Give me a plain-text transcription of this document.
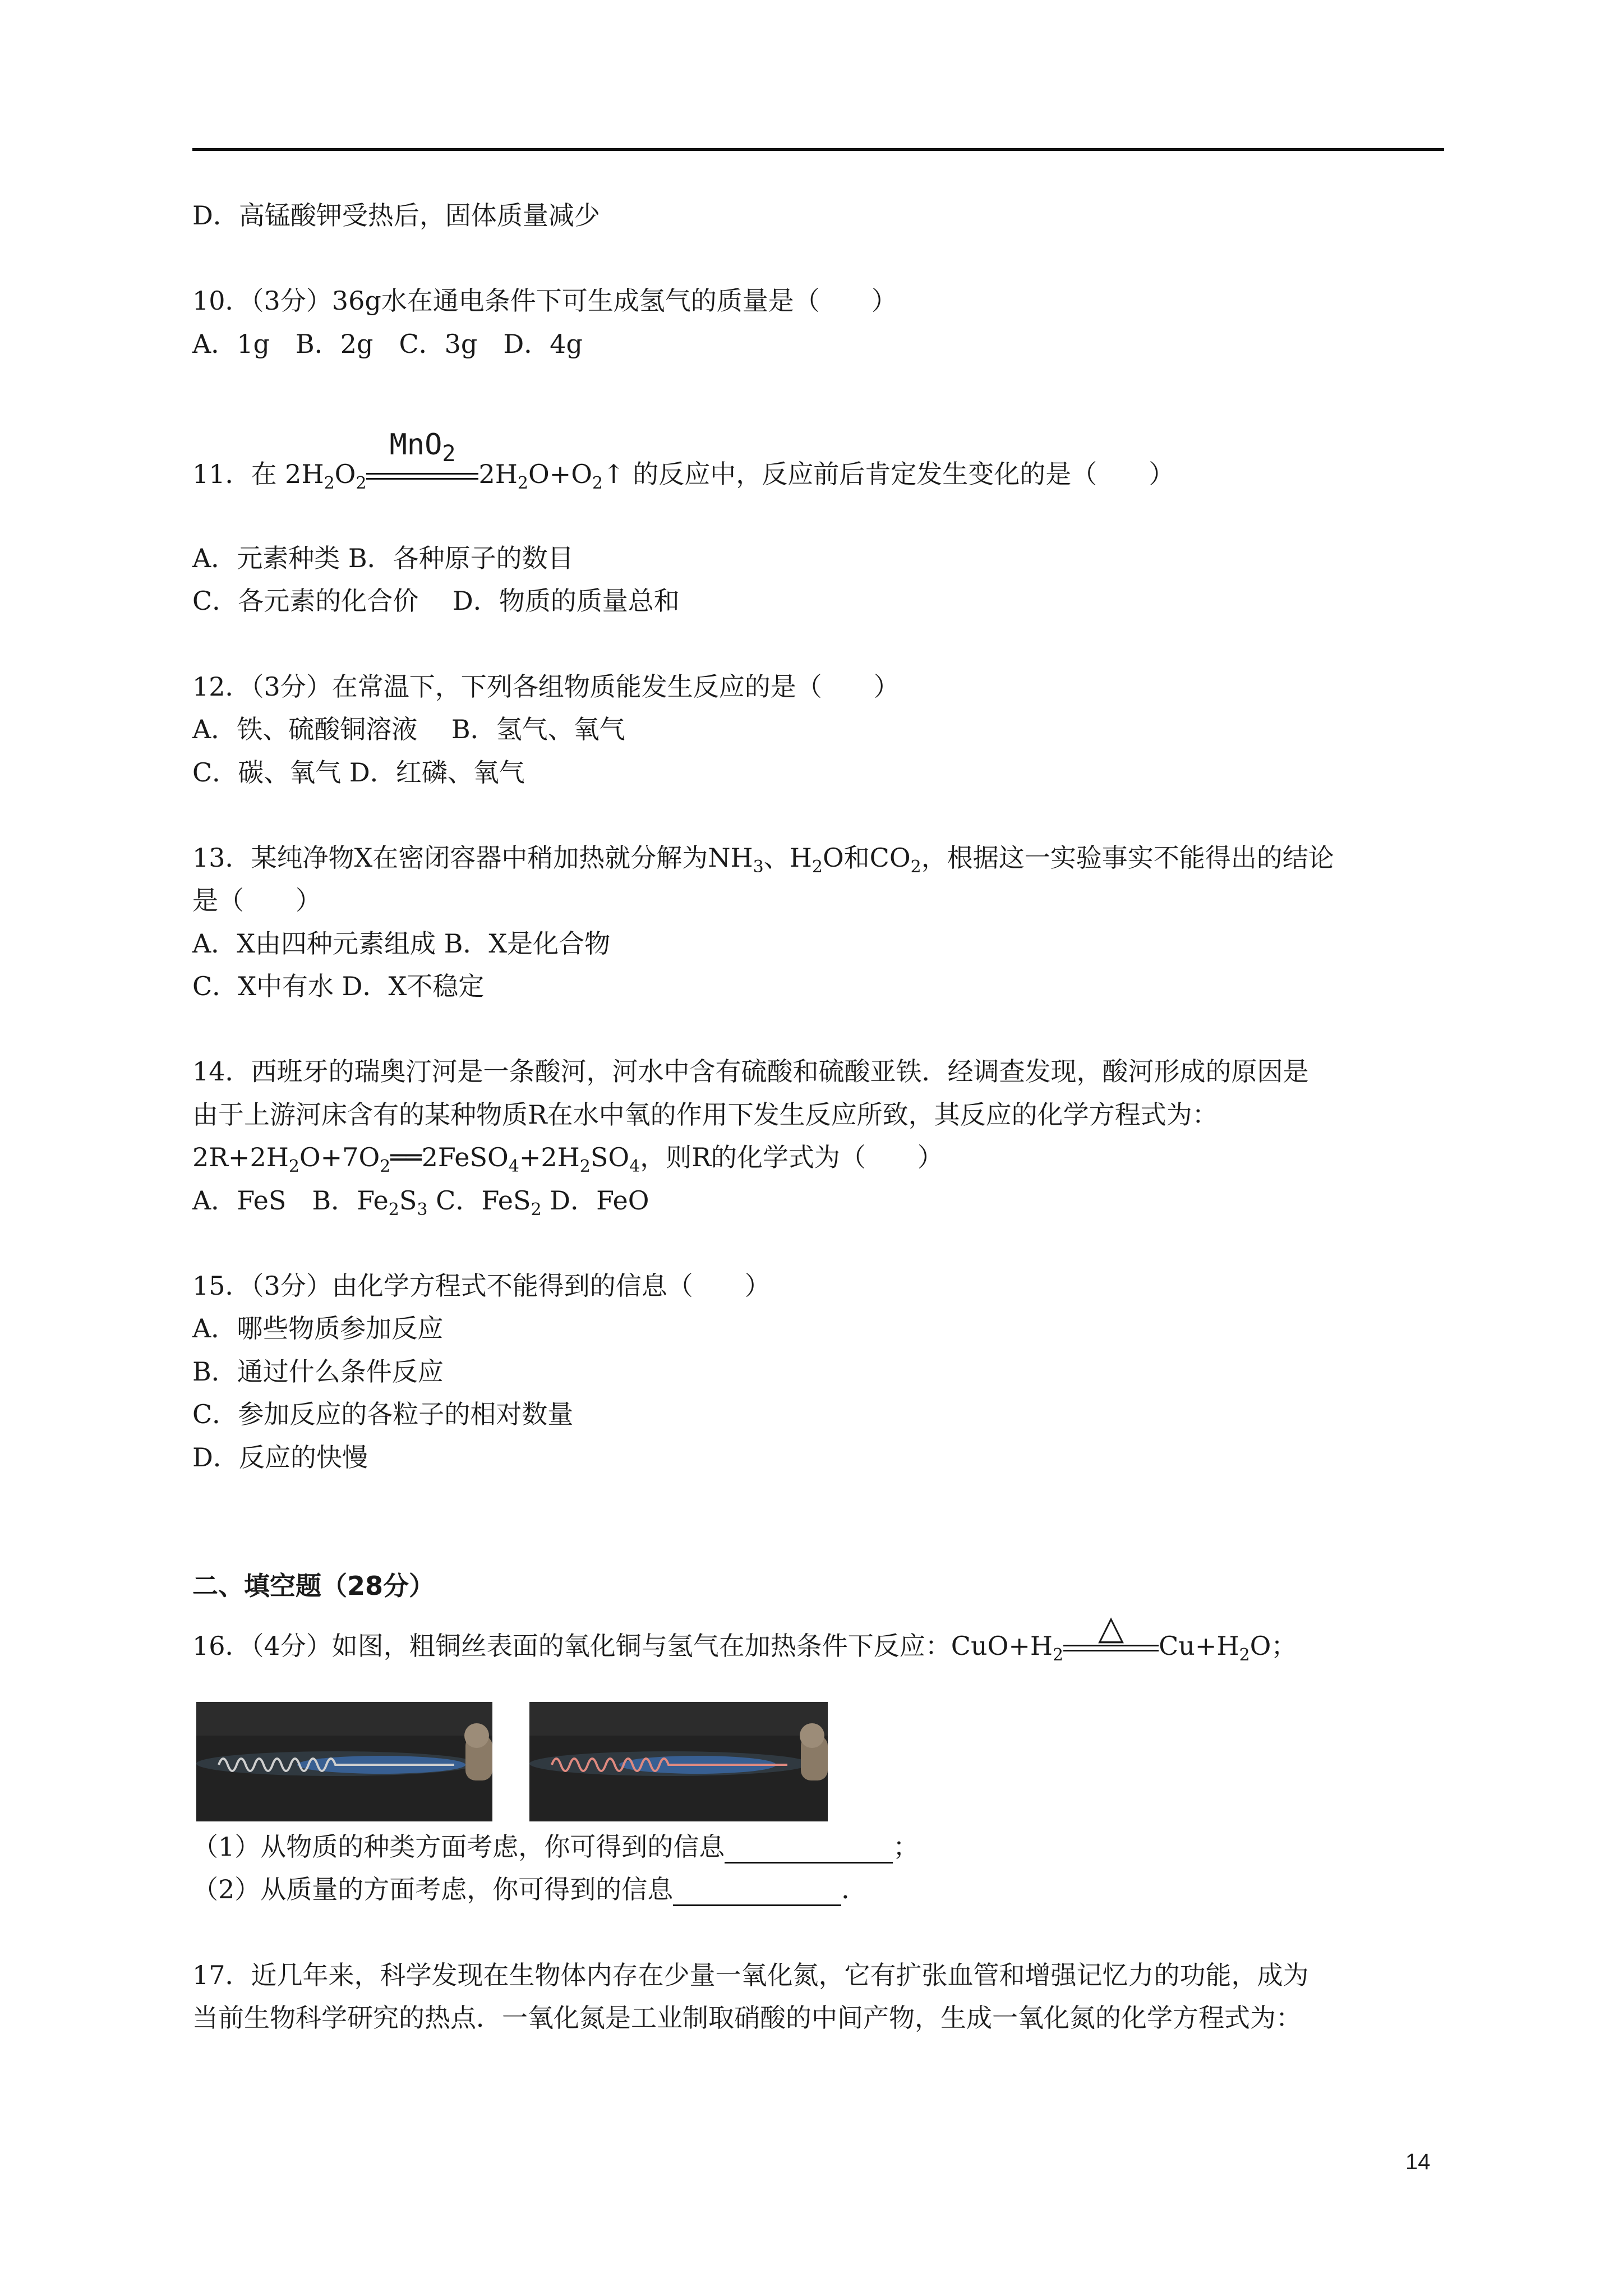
D．高锰酸钾受热后，固体质量减少
10．（3分）36g水在通电条件下可生成氢气的质量是（　　）
A．1g　B．2g　C．3g　D．4g
11．在 $2H_2O_2$
MnO$_2$
$2H_2O+O_2↑$ 的反应中，反应前后肯定发生变化的是（　　）
A．元素种类 B．各种原子的数目
C．各元素的化合价　 D．物质的质量总和
12．（3分）在常温下，下列各组物质能发生反应的是（　　）
A．铁、硫酸铜溶液　 B．氢气、氧气
C．碳、氧气 D．红磷、氧气
13．某纯净物X在密闭容器中稍加热就分解为$NH_3$、$H_2O$和$CO_2$，根据这一实验事实不能得出的结论
是（　　）
A．X由四种元素组成 B．X是化合物
C．X中有水 D．X不稳定
14．西班牙的瑞奥汀河是一条酸河，河水中含有硫酸和硫酸亚铁．经调查发现，酸河形成的原因是
由于上游河床含有的某种物质R在水中氧的作用下发生反应所致，其反应的化学方程式为：
$2R+2H_2O+7O_2══2FeSO_4+2H_2SO_4$，则R的化学式为（　　）
A．FeS　B．$Fe_2S_3$ C．FeS$_2$ D．FeO
15．（3分）由化学方程式不能得到的信息（　　）
A．哪些物质参加反应
B．通过什么条件反应
C．参加反应的各粒子的相对数量
D．反应的快慢
二、填空题（28分）
16．（4分）如图，粗铜丝表面的氧化铜与氢气在加热条件下反应：$CuO+H_2$
△	$Cu+H_2O$；
（1）从物质的种类方面考虑，你可得到的信息	；
（2）从质量的方面考虑，你可得到的信息	．
17．近几年来，科学发现在生物体内存在少量一氧化氮，它有扩张血管和增强记忆力的功能，成为
当前生物科学研究的热点．一氧化氮是工业制取硝酸的中间产物，生成一氧化氮的化学方程式为：
14
